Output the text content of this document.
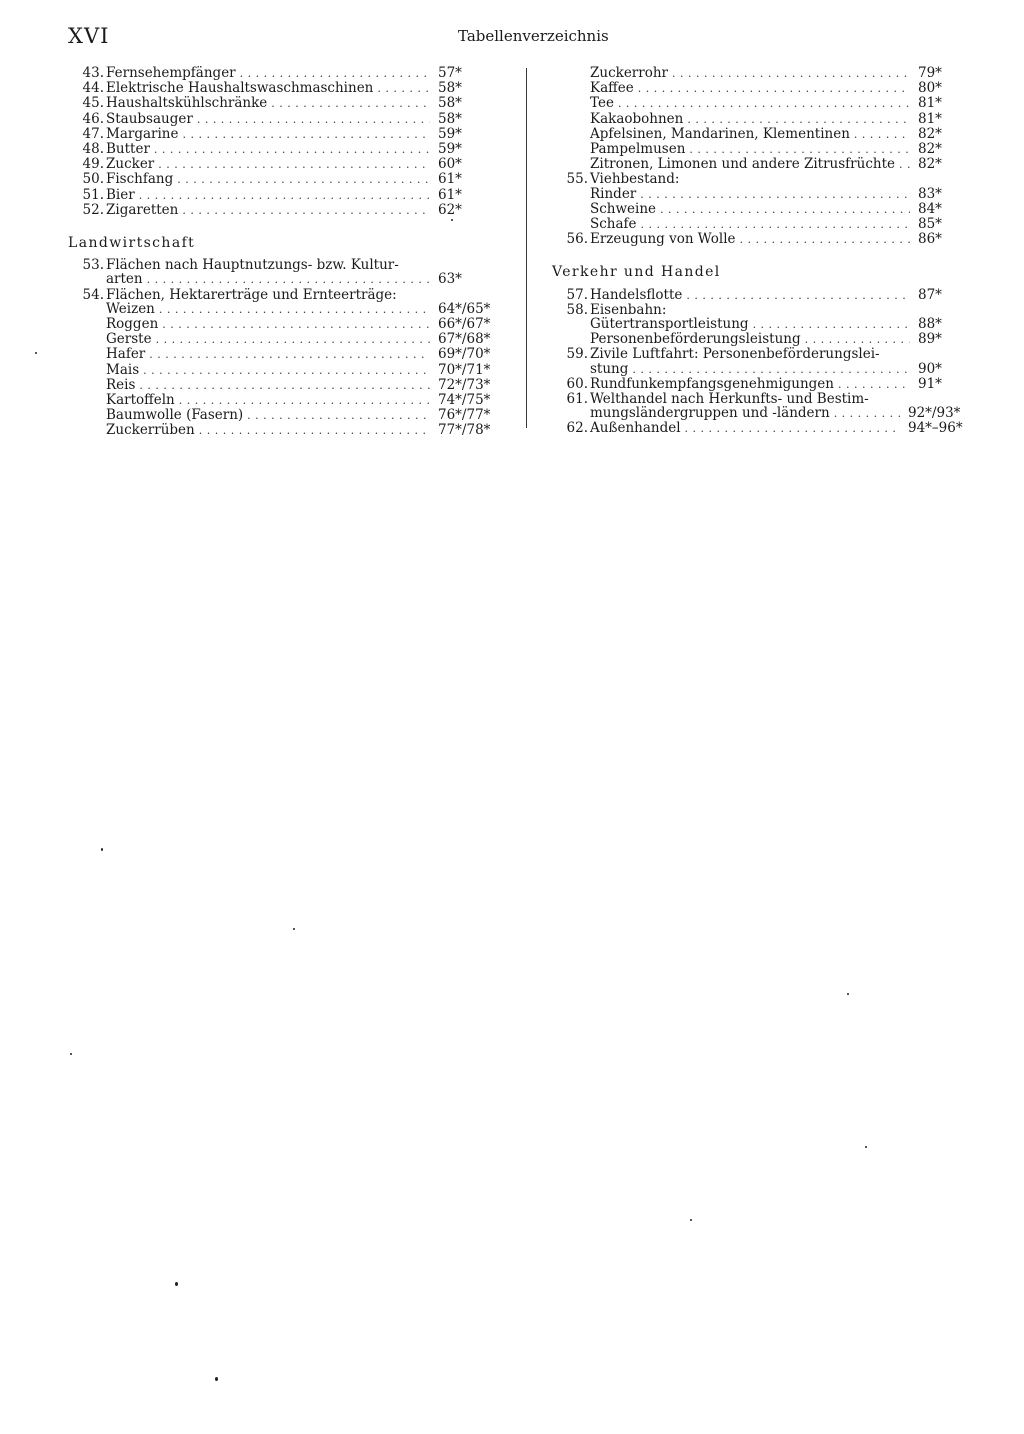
XVI	Tabellenverzeichnis
43. Fernsehempfänger . . .	57*
44. Elektrische Haushaltswaschmaschinen . . .	58*
45. Haushaltskühlschränke . . .	58*
46. Staubsauger . . .	58*
47. Margarine . . .	59*
48. Butter . . .	59*
49. Zucker . . .	60*
50. Fischfang . . .	61*
51. Bier . . .	61*
52. Zigaretten . . .	62*
Landwirtschaft
53. Flächen nach Hauptnutzungs- bzw. Kultur-
arten . . .	63*
54. Flächen, Hektarerträge und Ernteerträge:
Weizen . . .	64*/65*
Roggen . . .	66*/67*
Gerste . . .	67*/68*
Hafer . . .	69*/70*
Mais . . .	70*/71*
Reis . . .	72*/73*
Kartoffeln . . .	74*/75*
Baumwolle (Fasern) . . .	76*/77*
Zuckerrüben . . .	77*/78*
Zuckerrohr . . .	79*
Kaffee . . .	80*
Tee . . .	81*
Kakaobohnen . . .	81*
Apfelsinen, Mandarinen, Klementinen . . .	82*
Pampelmusen . . .	82*
Zitronen, Limonen und andere Zitrusfrüchte . . .	82*
55. Viehbestand:
Rinder . . .	83*
Schweine . . .	84*
Schafe . . .	85*
56. Erzeugung von Wolle . . .	86*
Verkehr und Handel
57. Handelsflotte . . .	87*
58. Eisenbahn:
Gütertransportleistung . . .	88*
Personenbeförderungsleistung . . .	89*
59. Zivile Luftfahrt: Personenbeförderungslei-
stung . . .	90*
60. Rundfunkempfangsgenehmigungen . . .	91*
61. Welthandel nach Herkunfts- und Bestim-
mungsländergruppen und -ländern . . .	92*/93*
62. Außenhandel . . .	94*–96*
